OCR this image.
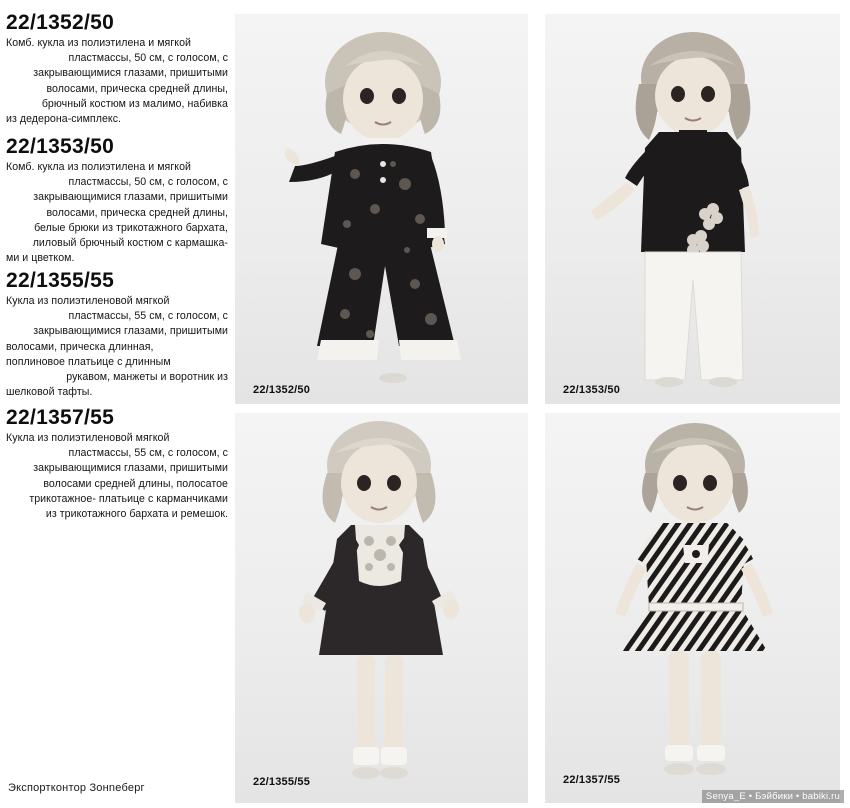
22/1352/50
Комб. кукла из полиэтилена и мягкой
пластмассы, 50 см, с голосом, с
закрывающимися глазами, пришитыми
волосами, прическа средней длины,
брючный костюм из малимо, набивка
из дедерона-симплекс.
22/1353/50
Комб. кукла из полиэтилена и мягкой
пластмассы, 50 см, с голосом, с
закрывающимися глазами, пришитыми
волосами, прическа средней длины,
белые брюки из трикотажного бархата,
лиловый брючный костюм с кармашка-
ми и цветком.
22/1355/55
Кукла из полиэтиленовой мягкой
пластмассы, 55 см, с голосом, с
закрывающимися глазами, пришитыми
волосами, прическа длинная,
поплиновое платьице с длинным
рукавом, манжеты и воротник из
шелковой тафты.
22/1357/55
Кукла из полиэтиленовой мягкой
пластмассы, 55 см, с голосом, с
закрывающимися глазами, пришитыми
волосами средней длины, полосатое
трикотажное- платьице с карманчиками
из трикотажного бархата и ремешок.
Экспортконтор Зонneберг
22/1352/50	22/1353/50
22/1355/55	22/1357/55
Senya_E • Бэйбики • babiki.ru
